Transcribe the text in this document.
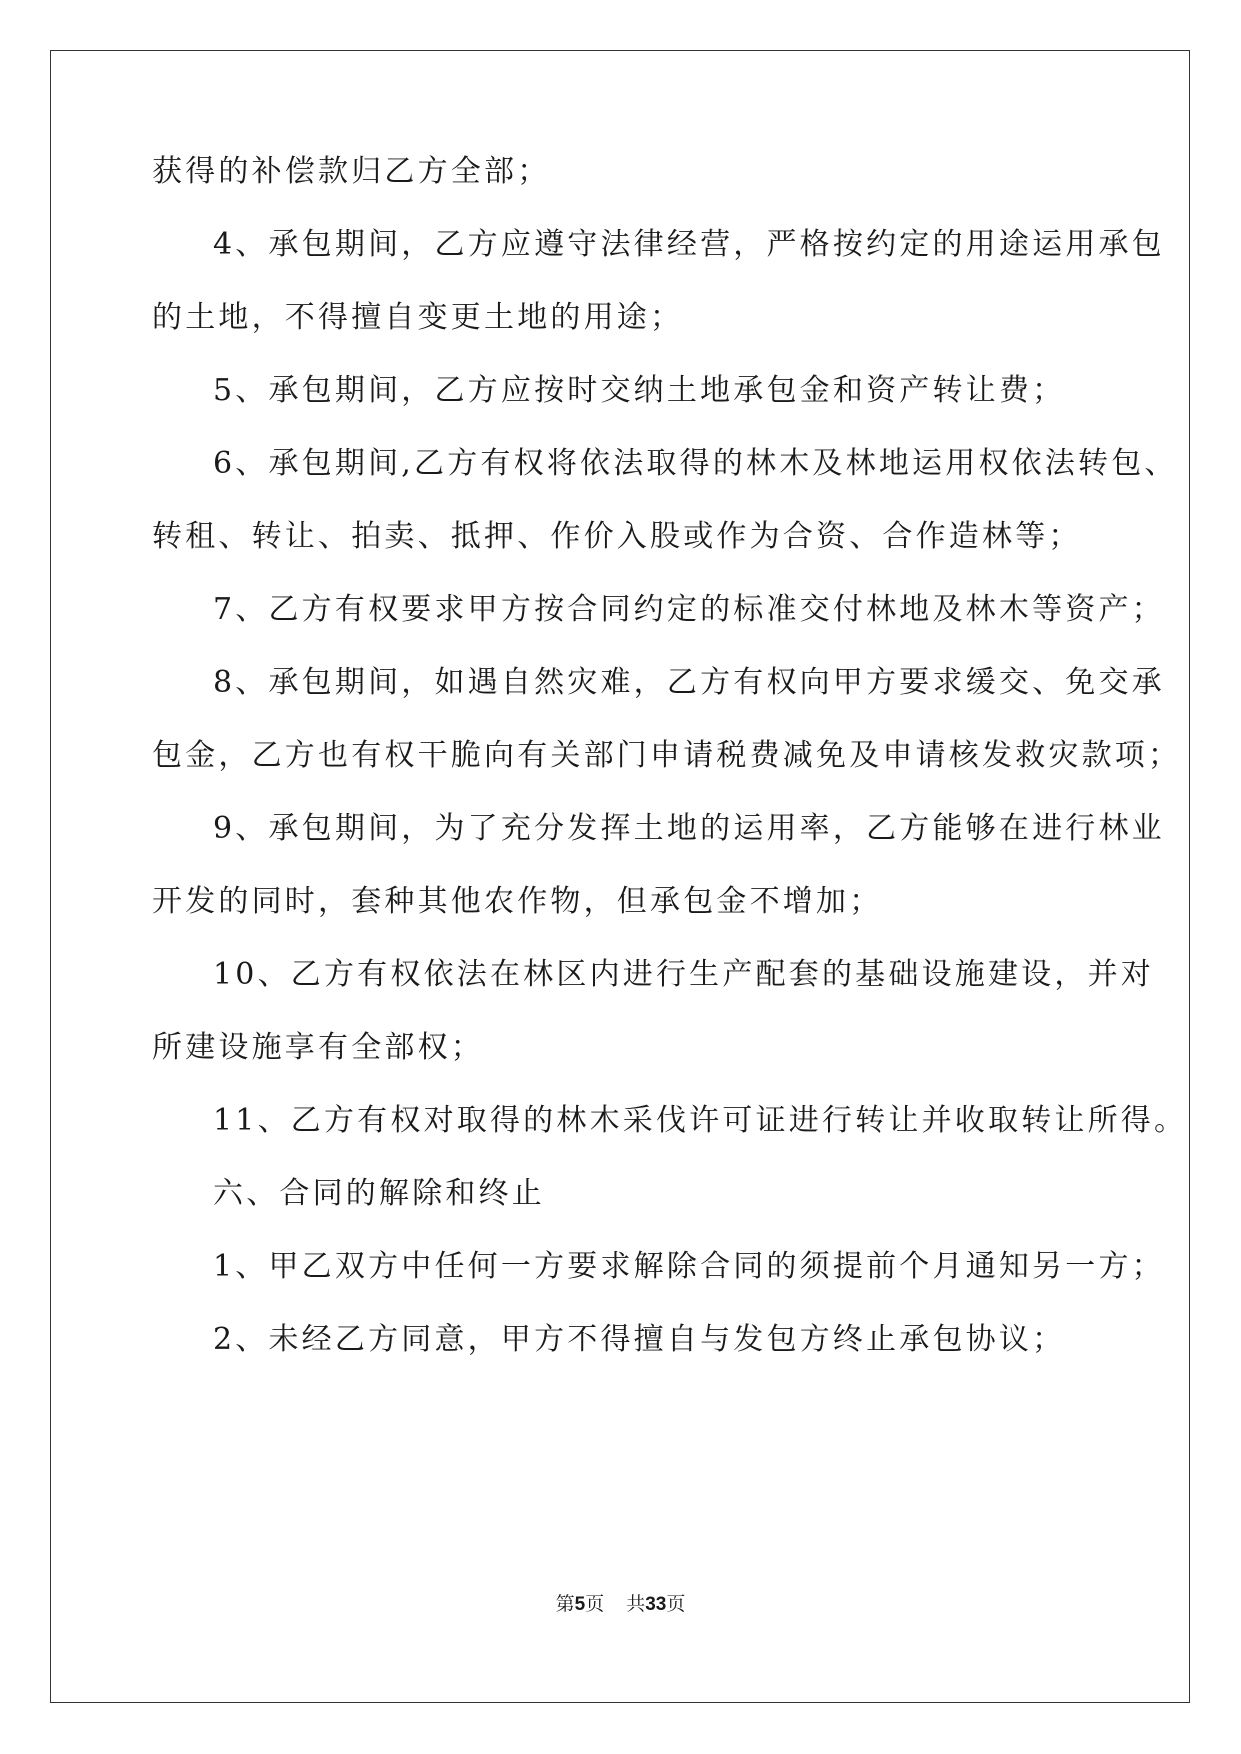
获得的补偿款归乙方全部；
4、承包期间，乙方应遵守法律经营，严格按约定的用途运用承包
的土地，不得擅自变更土地的用途；
5、承包期间，乙方应按时交纳土地承包金和资产转让费；
6、承包期间,乙方有权将依法取得的林木及林地运用权依法转包、
转租、转让、拍卖、抵押、作价入股或作为合资、合作造林等；
7、乙方有权要求甲方按合同约定的标准交付林地及林木等资产；
8、承包期间，如遇自然灾难，乙方有权向甲方要求缓交、免交承
包金，乙方也有权干脆向有关部门申请税费减免及申请核发救灾款项；
9、承包期间，为了充分发挥土地的运用率，乙方能够在进行林业
开发的同时，套种其他农作物，但承包金不增加；
10、乙方有权依法在林区内进行生产配套的基础设施建设，并对
所建设施享有全部权；
11、乙方有权对取得的林木采伐许可证进行转让并收取转让所得。
六、合同的解除和终止
1、甲乙双方中任何一方要求解除合同的须提前个月通知另一方；
2、未经乙方同意，甲方不得擅自与发包方终止承包协议；
第5页 共33页
